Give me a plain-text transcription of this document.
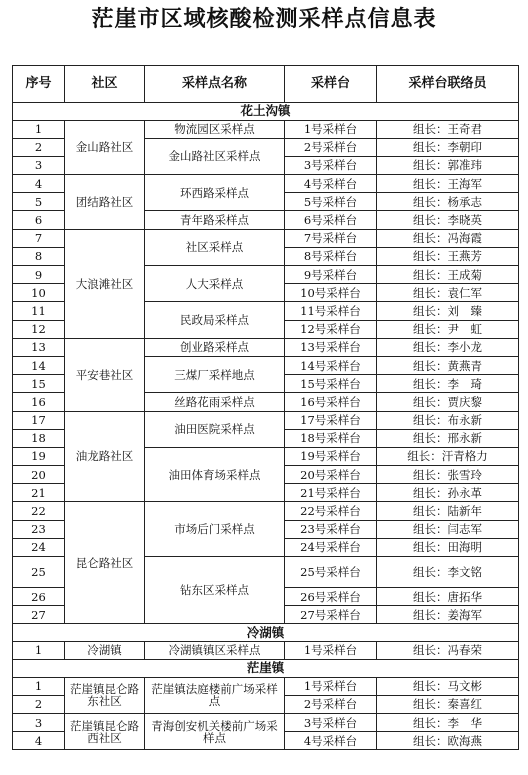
茫崖市区域核酸检测采样点信息表
序号	社区	采样点名称	采样台	采样台联络员
花土沟镇				
1	金山路社区	物流园区采样点	1号采样台	组长：王奇君
2		金山路社区采样点	2号采样台	组长：李朝印
3			3号采样台	组长：郭准玮
4	团结路社区	环西路采样点	4号采样台	组长：王海军
5			5号采样台	组长：杨承志
6		青年路采样点	6号采样台	组长：李晓英
7	大浪滩社区	社区采样点	7号采样台	组长：冯海霞
8			8号采样台	组长：王燕芳
9		人大采样点	9号采样台	组长：王成菊
10			10号采样台	组长：袁仁军
11		民政局采样点	11号采样台	组长：刘　臻
12			12号采样台	组长：尹　虹
13	平安巷社区	创业路采样点	13号采样台	组长：李小龙
14		三煤厂采样地点	14号采样台	组长：黄燕青
15			15号采样台	组长：李　琦
16		丝路花雨采样点	16号采样台	组长：贾庆黎
17	油龙路社区	油田医院采样点	17号采样台	组长：布永新
18			18号采样台	组长：邢永新
19		油田体育场采样点	19号采样台	组长：汗青格力
20			20号采样台	组长：张雪玲
21			21号采样台	组长：孙永革
22	昆仑路社区	市场后门采样点	22号采样台	组长：陆新年
23			23号采样台	组长：闫志军
24			24号采样台	组长：田海明
25		钻东区采样点	25号采样台	组长：李文铭
26			26号采样台	组长：唐拓华
27			27号采样台	组长：姜海军
冷湖镇				
1	冷湖镇	冷湖镇镇区采样点	1号采样台	组长：冯春荣
茫崖镇				
1	茫崖镇昆仑路东社区	茫崖镇法庭楼前广场采样点	1号采样台	组长：马文彬
2			2号采样台	组长：秦喜红
3	茫崖镇昆仑路西社区	青海创安机关楼前广场采样点	3号采样台	组长：李　华
4			4号采样台	组长：欧海燕
